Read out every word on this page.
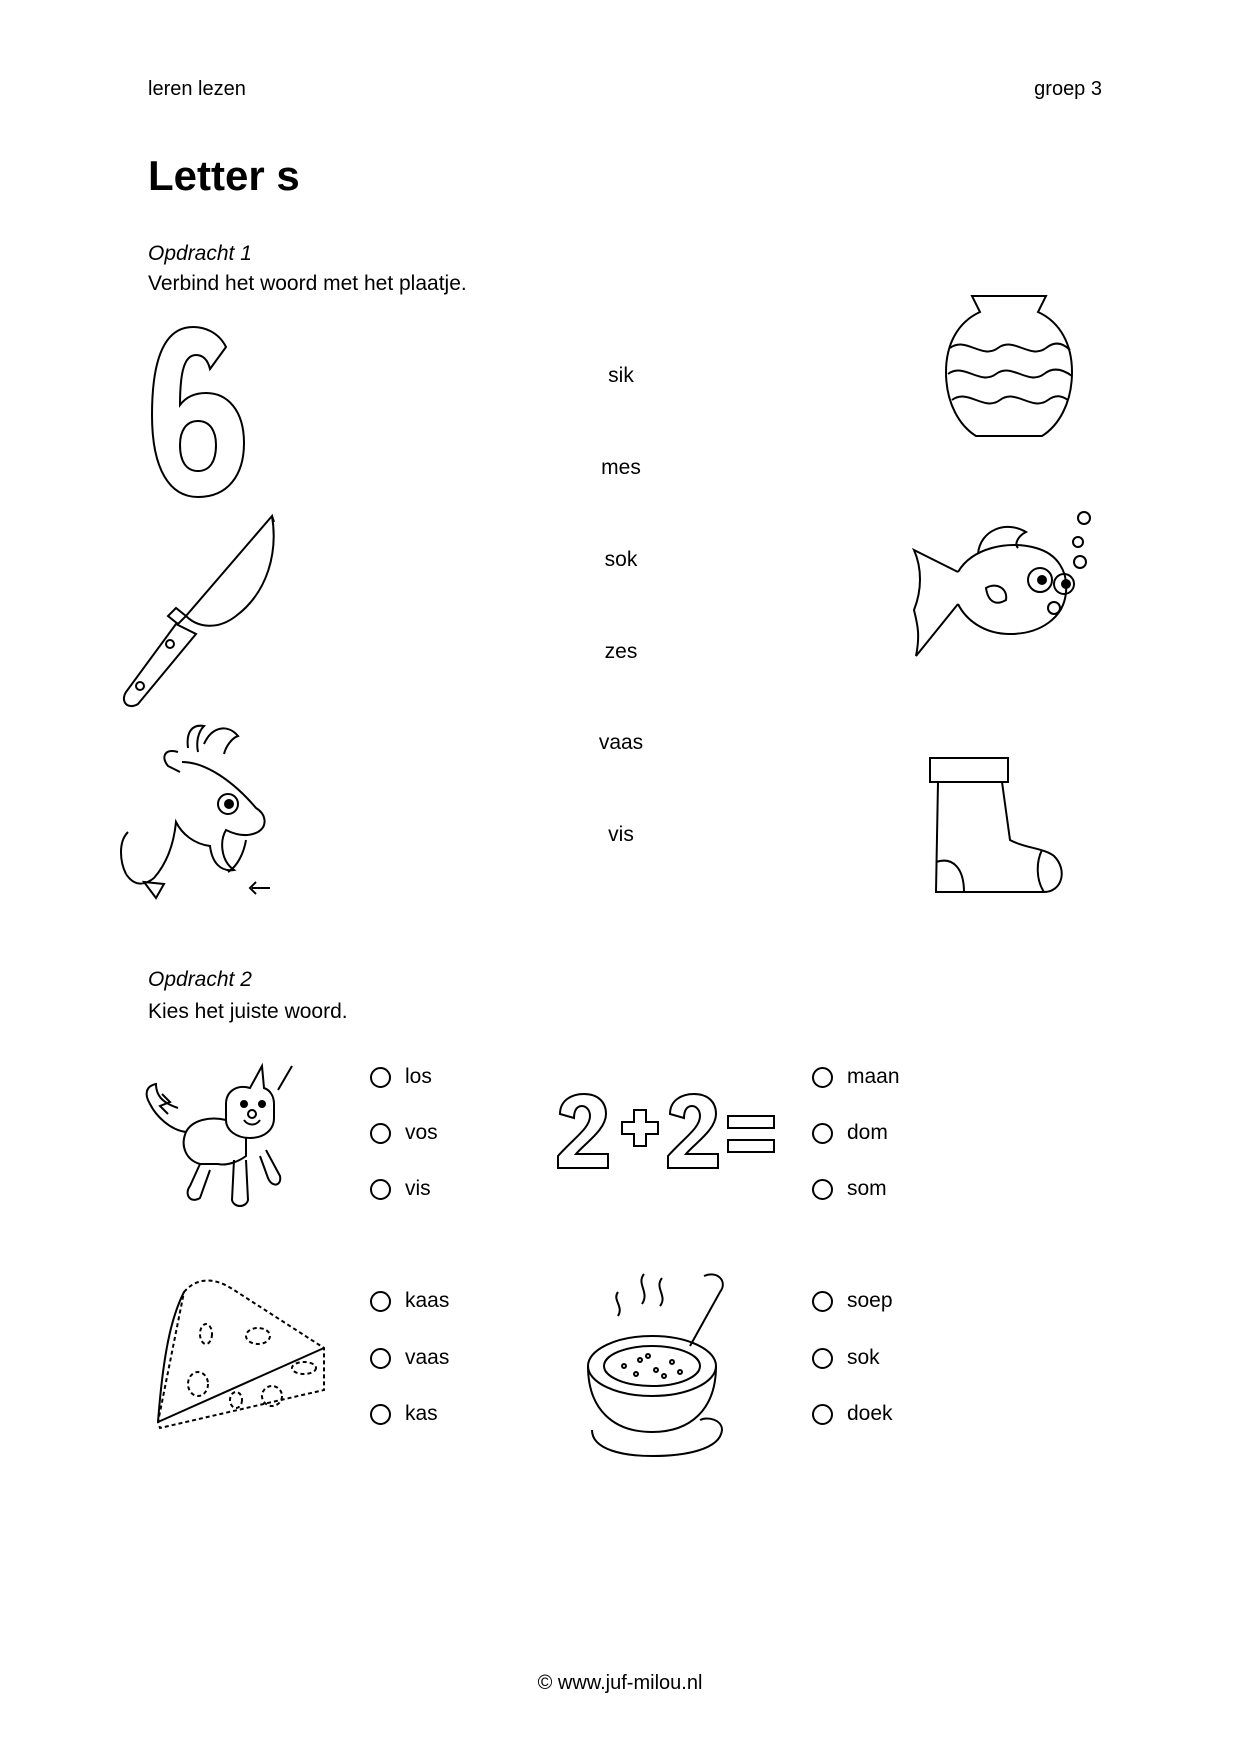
leren lezen	groep 3
Letter s
Opdracht 1
Verbind het woord met het plaatje.
sik
mes
sok
zes
vaas
vis
Opdracht 2
Kies het juiste woord.
los
vos
vis
maan
dom
som
kaas
vaas
kas
soep
sok
doek
© www.juf-milou.nl
